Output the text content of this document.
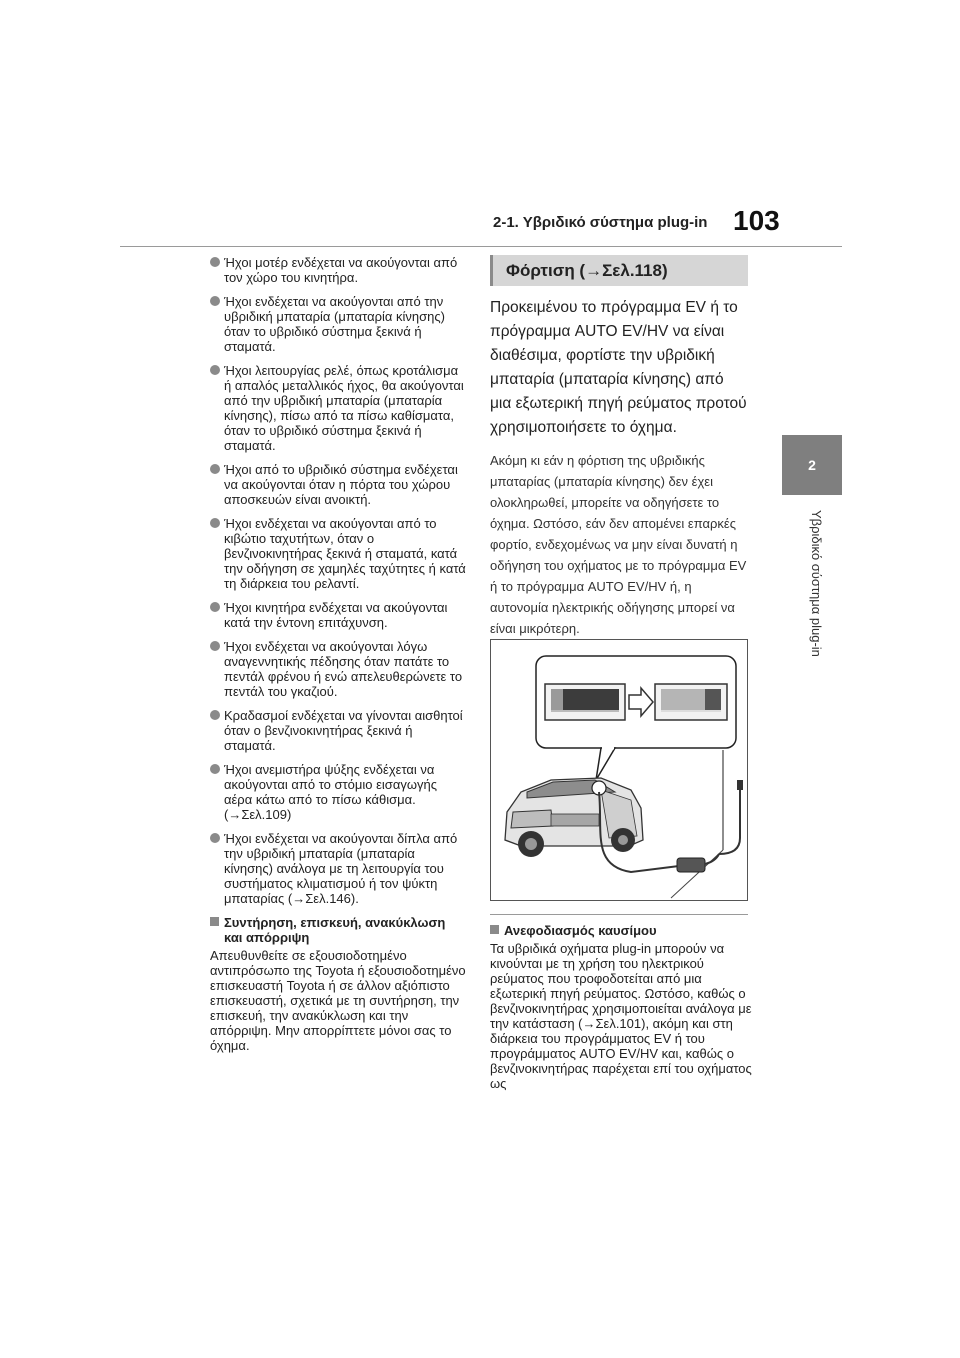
2-1. Υβριδικό σύστημα plug-in 103
2
Υβριδικό σύστημα plug-in
Ήχοι μοτέρ ενδέχεται να ακούγονται από τον χώρο του κινητήρα.
Ήχοι ενδέχεται να ακούγονται από την υβριδική μπαταρία (μπαταρία κίνησης) όταν το υβριδικό σύστημα ξεκινά ή σταματά.
Ήχοι λειτουργίας ρελέ, όπως κροτάλισμα ή απαλός μεταλλικός ήχος, θα ακούγονται από την υβριδική μπαταρία (μπαταρία κίνησης), πίσω από τα πίσω καθίσματα, όταν το υβριδικό σύστημα ξεκινά ή σταματά.
Ήχοι από το υβριδικό σύστημα ενδέχεται να ακούγονται όταν η πόρτα του χώρου αποσκευών είναι ανοικτή.
Ήχοι ενδέχεται να ακούγονται από το κιβώτιο ταχυτήτων, όταν ο βενζινοκινητήρας ξεκινά ή σταματά, κατά την οδήγηση σε χαμηλές ταχύτητες ή κατά τη διάρκεια του ρελαντί.
Ήχοι κινητήρα ενδέχεται να ακούγονται κατά την έντονη επιτάχυνση.
Ήχοι ενδέχεται να ακούγονται λόγω αναγεννητικής πέδησης όταν πατάτε το πεντάλ φρένου ή ενώ απελευθερώνετε το πεντάλ του γκαζιού.
Κραδασμοί ενδέχεται να γίνονται αισθητοί όταν ο βενζινοκινητήρας ξεκινά ή σταματά.
Ήχοι ανεμιστήρα ψύξης ενδέχεται να ακούγονται από το στόμιο εισαγωγής αέρα κάτω από το πίσω κάθισμα. (→Σελ.109)
Ήχοι ενδέχεται να ακούγονται δίπλα από την υβριδική μπαταρία (μπαταρία κίνησης) ανάλογα με τη λειτουργία του συστήματος κλιματισμού ή τον ψύκτη μπαταρίας (→Σελ.146).
Συντήρηση, επισκευή, ανακύκλωση και απόρριψη

Απευθυνθείτε σε εξουσιοδοτημένο αντιπρόσωπο της Toyota ή εξουσιοδοτημένο επισκευαστή Toyota ή σε άλλον αξιόπιστο επισκευαστή, σχετικά με τη συντήρηση, την επισκευή, την ανακύκλωση και την απόρριψη. Μην απορρίπτετε μόνοι σας το όχημα.

Φόρτιση (→Σελ.118)

Προκειμένου το πρόγραμμα EV ή το πρόγραμμα AUTO EV/HV να είναι διαθέσιμα, φορτίστε την υβριδική μπαταρία (μπαταρία κίνησης) από μια εξωτερική πηγή ρεύματος προτού χρησιμοποιήσετε το όχημα.

Ακόμη κι εάν η φόρτιση της υβριδικής μπαταρίας (μπαταρία κίνησης) δεν έχει ολοκληρωθεί, μπορείτε να οδηγήσετε το όχημα. Ωστόσο, εάν δεν απομένει επαρκές φορτίο, ενδεχομένως να μην είναι δυνατή η οδήγηση του οχήματος με το πρόγραμμα EV ή το πρόγραμμα AUTO EV/HV ή, η αυτονομία ηλεκτρικής οδήγησης μπορεί να είναι μικρότερη.

Ανεφοδιασμός καυσίμου

Τα υβριδικά οχήματα plug-in μπορούν να κινούνται με τη χρήση του ηλεκτρικού ρεύματος που τροφοδοτείται από μια εξωτερική πηγή ρεύματος. Ωστόσο, καθώς ο βενζινοκινητήρας χρησιμοποιείται ανάλογα με την κατάσταση (→Σελ.101), ακόμη και στη διάρκεια του προγράμματος EV ή του προγράμματος AUTO EV/HV και, καθώς ο βενζινοκινητήρας παρέχεται επί του οχήματος ως
